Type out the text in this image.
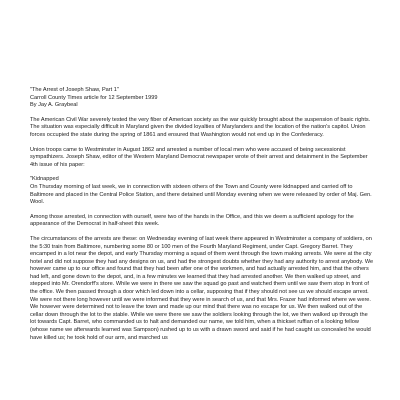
"The Arrest of Joseph Shaw, Part 1"

Carroll County Times article for 12 September 1999

By Jay A. Graybeal

The American Civil War severely tested the very fiber of American society as the war quickly brought about the suspension of basic rights. The situation was especially difficult in Maryland given the divided loyalties of Marylanders and the location of the nation's capitol. Union forces occupied the state during the spring of 1861 and ensured that Washington would not end up in the Confederacy.

Union troops came to Westminster in August 1862 and arrested a number of local men who were accused of being secessionist sympathizers. Joseph Shaw, editor of the Western Maryland Democrat newspaper wrote of their arrest and detainment in the September 4th issue of his paper:

"Kidnapped

On Thursday morning of last week, we in connection with sixteen others of the Town and County were kidnapped and carried off to Baltimore and placed in the Central Police Station, and there detained until Monday evening when we were released by order of Maj. Gen. Wool.

Among those arrested, in connection with ourself, were two of the hands in the Office, and this we deem a sufficient apology for the appearance of the Democrat in half-sheet this week.

The circumstances of the arrests are these: on Wednesday evening of last week there appeared in Westminster a company of soldiers, on the 5:30 train from Baltimore, numbering some 80 or 100 men of the Fourth Maryland Regiment, under Capt. Gregory Barret. They encamped in a lot near the depot, and early Thursday morning a squad of them went through the town making arrests. We were at the city hotel and did not suppose they had any designs on us, and had the strongest doubts whether they had any authority to arrest anybody. We however came up to our office and found that they had been after one of the workmen, and had actually arrested him, and that the others had left, and gone down to the depot, and, in a few minutes we learned that they had arrested another. We then walked up street, and stepped into Mr. Orendorff's store. While we were in there we saw the squad go past and watched them until we saw them stop in front of the office. We then passed through a door which led down into a cellar, supposing that if they should not see us we should escape arrest. We were not there long however until we were informed that they were in search of us, and that Mrs. Frazer had informed where we were. We however were determined not to leave the town and made up our mind that there was no escape for us. We then walked out of the cellar down through the lot to the stable. While we were there we saw the soldiers looking through the lot, we then walked up through the lot towards Capt. Barret, who commanded us to halt and demanded our name, we told him, when a thickset ruffian of a looking fellow (whose name we afterwards learned was Sampson) rushed up to us with a drawn sword and said if he had caught us concealed he would have killed us; he took hold of our arm, and marched us
